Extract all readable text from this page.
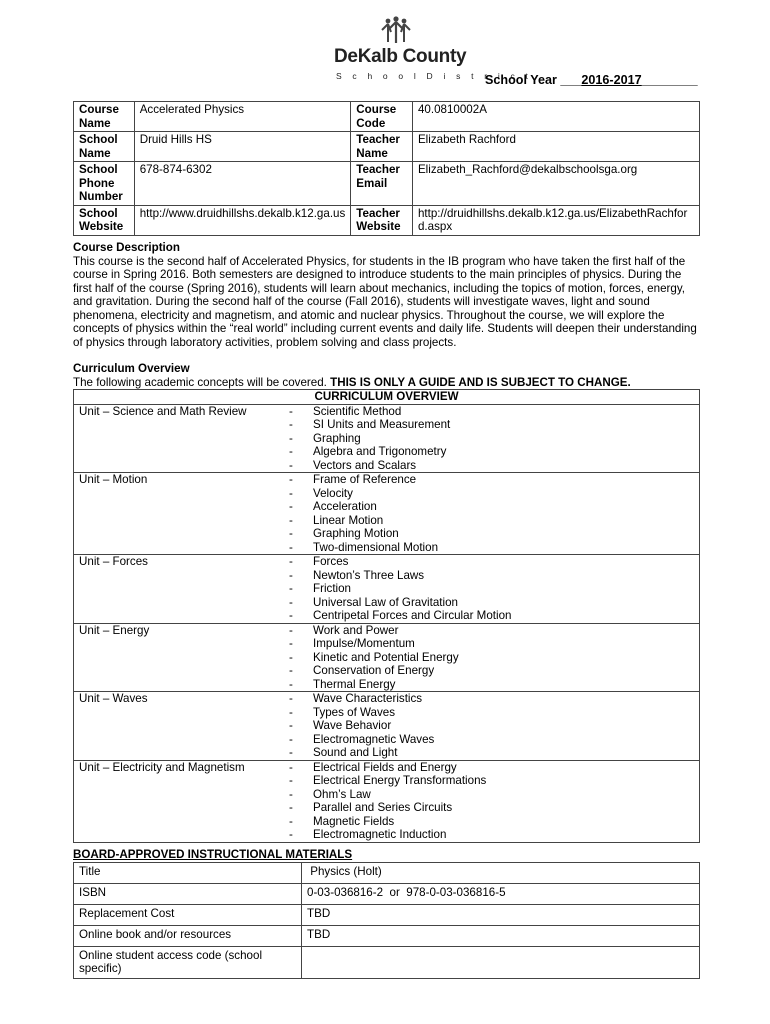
DeKalb County
S c h o o l D i s t r i c t
School Year ___2016-2017________
Course Name	Accelerated Physics	Course Code	40.0810002A
School Name	Druid Hills HS	Teacher Name	Elizabeth Rachford
School Phone Number	678-874-6302	Teacher Email	Elizabeth_Rachford@dekalbschoolsga.org
School Website	http://www.druidhillshs.dekalb.k12.ga.us	Teacher Website	http://druidhillshs.dekalb.k12.ga.us/ElizabethRachford.aspx
Course Description

This course is the second half of Accelerated Physics, for students in the IB program who have taken the first half of the course in Spring 2016. Both semesters are designed to introduce students to the main principles of physics. During the first half of the course (Spring 2016), students will learn about mechanics, including the topics of motion, forces, energy, and gravitation. During the second half of the course (Fall 2016), students will investigate waves, light and sound phenomena, electricity and magnetism, and atomic and nuclear physics. Throughout the course, we will explore the concepts of physics within the “real world” including current events and daily life. Students will deepen their understanding of physics through laboratory activities, problem solving and class projects.

Curriculum Overview

The following academic concepts will be covered. THIS IS ONLY A GUIDE AND IS SUBJECT TO CHANGE.

CURRICULUM OVERVIEW

Unit – Science and Math Review	- Scientific Method
- SI Units and Measurement
- Graphing
- Algebra and Trigonometry
- Vectors and Scalars

Unit – Motion	- Frame of Reference
- Velocity
- Acceleration
- Linear Motion
- Graphing Motion
- Two-dimensional Motion

Unit – Forces	- Forces
- Newton’s Three Laws
- Friction
- Universal Law of Gravitation
- Centripetal Forces and Circular Motion

Unit – Energy	- Work and Power
- Impulse/Momentum
- Kinetic and Potential Energy
- Conservation of Energy
- Thermal Energy

Unit – Waves	- Wave Characteristics
- Types of Waves
- Wave Behavior
- Electromagnetic Waves
- Sound and Light

Unit – Electricity and Magnetism	- Electrical Fields and Energy
- Electrical Energy Transformations
- Ohm’s Law
- Parallel and Series Circuits
- Magnetic Fields
- Electromagnetic Induction
BOARD-APPROVED INSTRUCTIONAL MATERIALS
Title	Physics (Holt)
ISBN	0-03-036816-2  or  978-0-03-036816-5
Replacement Cost	TBD
Online book and/or resources	TBD
Online student access code (school specific)	
